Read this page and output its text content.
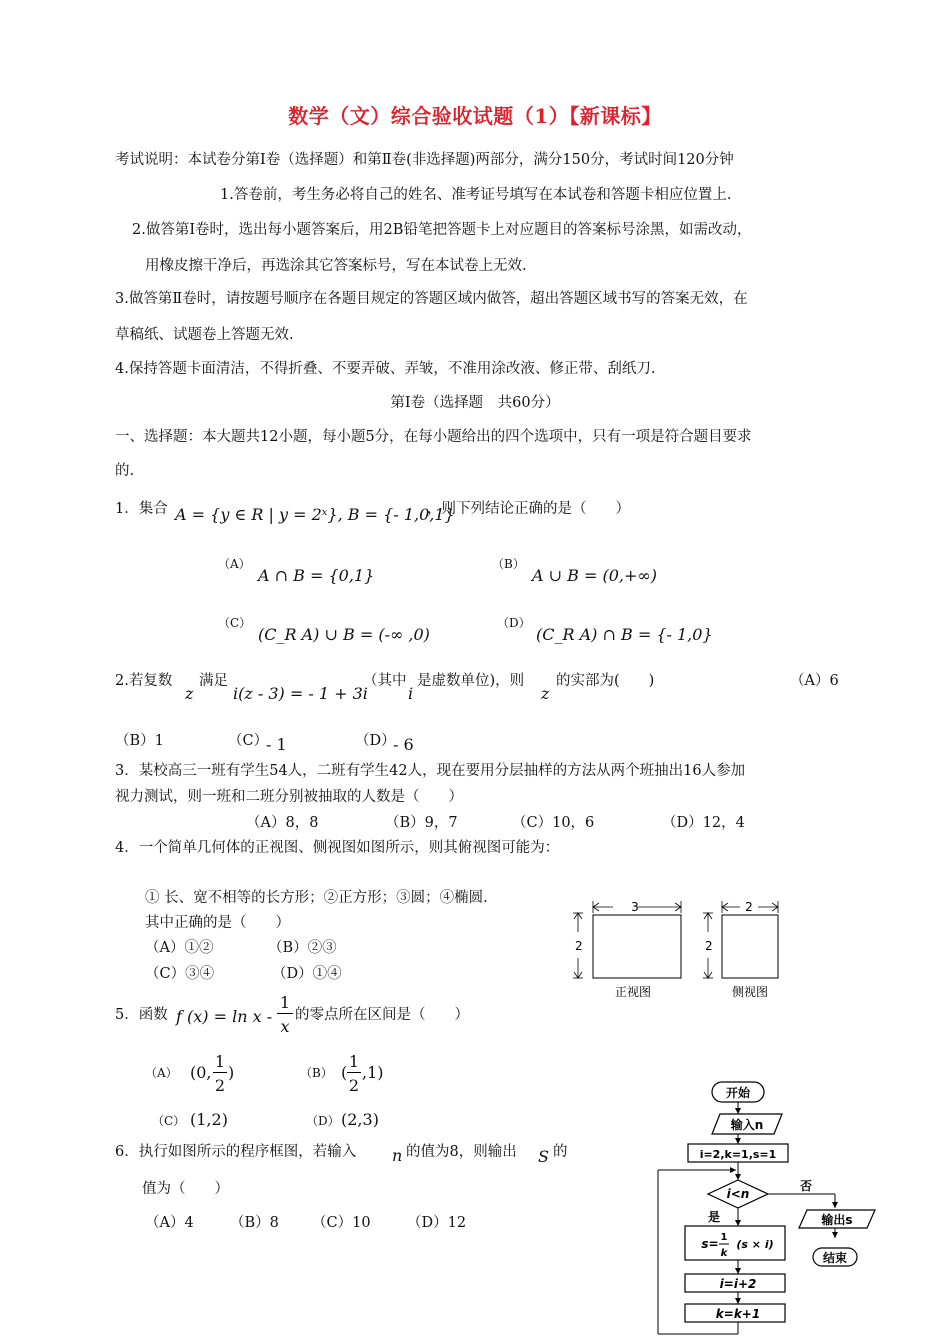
数学（文）综合验收试题（1）【新课标】
考试说明：本试卷分第Ⅰ卷（选择题）和第Ⅱ卷(非选择题)两部分，满分150分，考试时间120分钟
1.答卷前，考生务必将自己的姓名、准考证号填写在本试卷和答题卡相应位置上.
2.做答第Ⅰ卷时，选出每小题答案后，用2B铅笔把答题卡上对应题目的答案标号涂黑，如需改动，
用橡皮擦干净后，再选涂其它答案标号，写在本试卷上无效.
3.做答第Ⅱ卷时，请按题号顺序在各题目规定的答题区域内做答，超出答题区域书写的答案无效，在
草稿纸、试题卷上答题无效.
4.保持答题卡面清洁，不得折叠、不要弄破、弄皱，不准用涂改液、修正带、刮纸刀.
第Ⅰ卷（选择题　共60分）
一、选择题：本大题共12小题，每小题5分，在每小题给出的四个选项中，只有一项是符合题目要求
的.
1．集合 A = {y ∈ R | y = 2ˣ}, B = {- 1,0,1}
，则下列结论正确的是（　　）
（A）
A ∩ B = {0,1}
（B）
A ∪ B = (0,+∞)
（C）
(C_R A) ∪ B = (-∞ ,0)
（D）
(C_R A) ∩ B = {- 1,0}
2.若复数
z
满足
i(z - 3) = - 1 + 3i
（其中
i
是虚数单位)，则
z
的实部为(　　)	（A）6
（B）1	（C）
- 1	（D）
- 6
3．某校高三一班有学生54人，二班有学生42人，现在要用分层抽样的方法从两个班抽出16人参加
视力测试，则一班和二班分别被抽取的人数是（　　）
（A）8，8	（B）9，7	（C）10，6	（D）12，4
4．一个简单几何体的正视图、侧视图如图所示，则其俯视图可能为：
① 长、宽不相等的长方形；②正方形；③圆；④椭圆.
其中正确的是（　　）
（A）①②	（B）②③
（C）③④	（D）①④
3
2
正视图
2
2
侧视图
5．函数 f (x) = ln x -
1
x
的零点所在区间是（　　）
（A） (0,
1
2
)	（B） (
1
2
,1)
（C） (1,2)	（D） (2,3)
6．执行如图所示的程序框图，若输入 n 的值为8，则输出 S 的
值为（　　）
（A）4	（B）8 （C）10	（D）12
开始
输入n
i=2,k=1,s=1
i<n
否
输出s
结束
是
s= 1
k
(s × i)
i=i+2
k=k+1
